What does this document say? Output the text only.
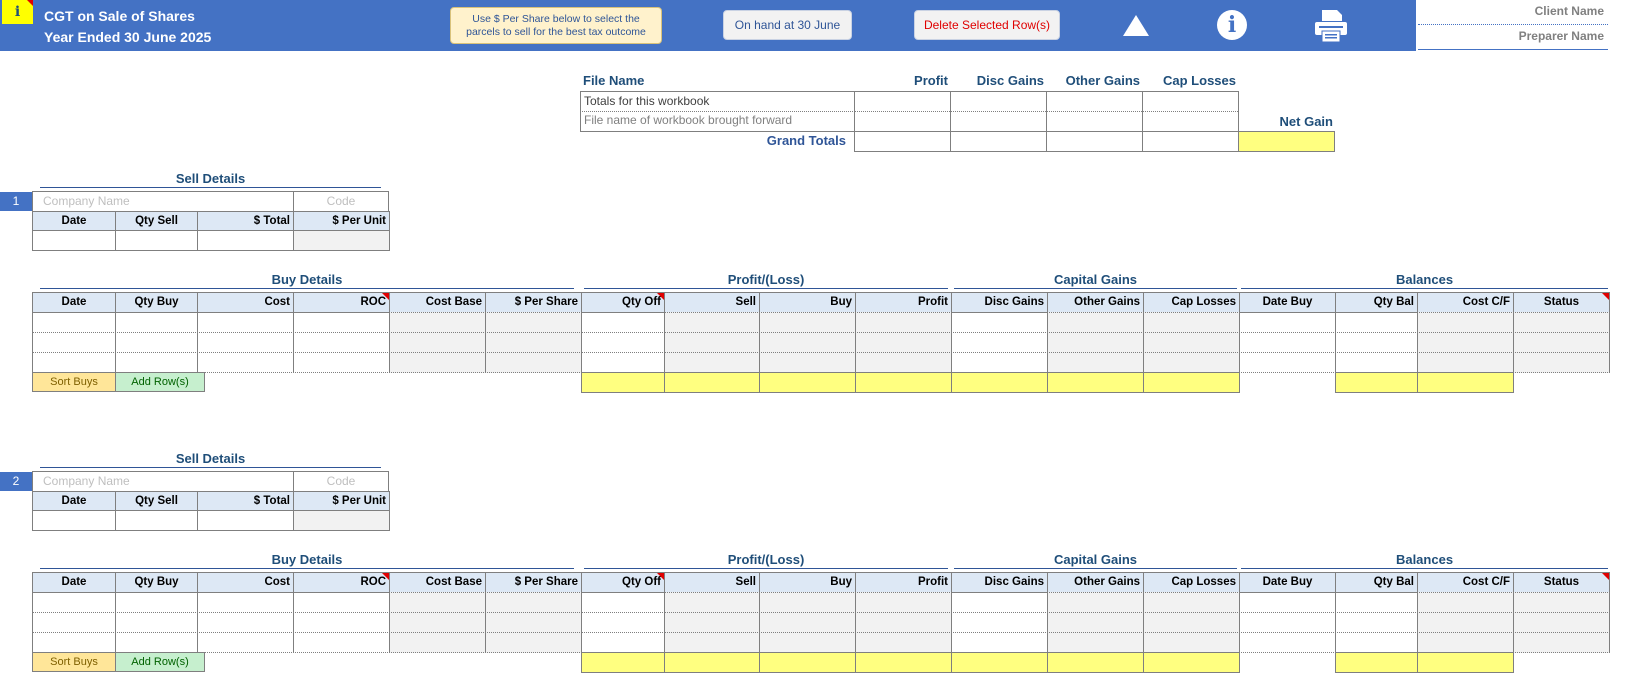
i	CGT on Sale of Shares
Year Ended 30 June 2025
Use $ Per Share below to select the
parcels to sell for the best tax outcome	On hand at 30 June	Delete Selected Row(s)	i
Client Name
Preparer Name
File Name	Profit	Disc Gains	Other Gains	Cap Losses
Totals for this workbook
File name of workbook brought forward
Grand Totals
Net Gain
Sell Details
1	Company Name	Code
Date	Qty Sell	$ Total	$ Per Unit
Buy Details	Profit/(Loss)	Capital Gains	Balances
Date	Qty Buy	Cost	ROC	Cost Base	$ Per Share	Qty Off	Sell	Buy	Profit	Disc Gains	Other Gains	Cap Losses	Date Buy	Qty Bal	Cost C/F	Status
Sort Buys	Add Row(s)
Sell Details
2	Company Name	Code
Date	Qty Sell	$ Total	$ Per Unit
Buy Details	Profit/(Loss)	Capital Gains	Balances
Date	Qty Buy	Cost	ROC	Cost Base	$ Per Share	Qty Off	Sell	Buy	Profit	Disc Gains	Other Gains	Cap Losses	Date Buy	Qty Bal	Cost C/F	Status
Sort Buys	Add Row(s)
